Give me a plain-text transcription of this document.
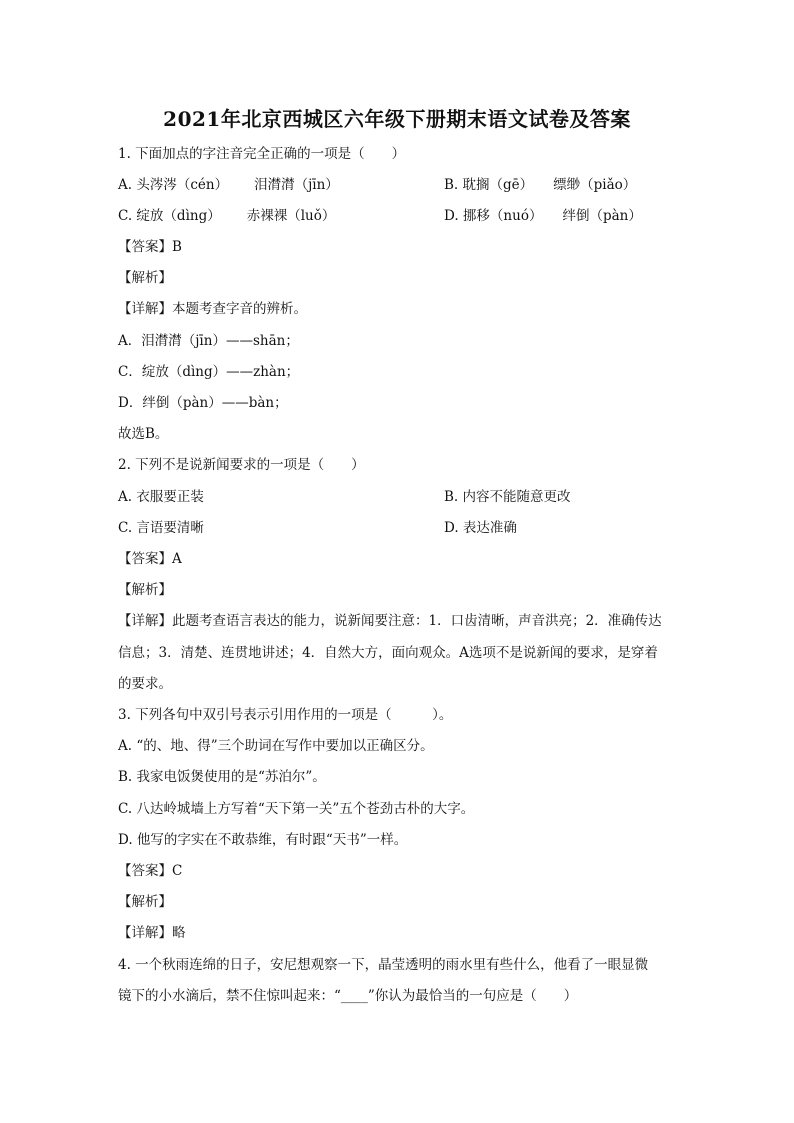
2021年北京西城区六年级下册期末语文试卷及答案
1. 下面加点的字注音完全正确的一项是（　　）
A. 头涔涔（cén） 泪潸潸（jīn）	B. 耽搁（gē） 缥缈（piǎo）
C. 绽放（dìng） 赤裸裸（luǒ）	D. 挪移（nuó） 绊倒（pàn）
【答案】B
【解析】
【详解】本题考查字音的辨析。
A．泪潸潸（jīn）——shān；
C．绽放（dìng）——zhàn；
D．绊倒（pàn）——bàn；
故选B。
2. 下列不是说新闻要求的一项是（　　）
A. 衣服要正装	B. 内容不能随意更改
C. 言语要清晰	D. 表达准确
【答案】A
【解析】
【详解】此题考查语言表达的能力，说新闻要注意：1．口齿清晰，声音洪亮；2．准确传达
信息；3．清楚、连贯地讲述；4．自然大方，面向观众。A选项不是说新闻的要求，是穿着
的要求。
3. 下列各句中双引号表示引用作用的一项是（　　　）。
A. “的、地、得”三个助词在写作中要加以正确区分。
B. 我家电饭煲使用的是“苏泊尔”。
C. 八达岭城墙上方写着“天下第一关”五个苍劲古朴的大字。
D. 他写的字实在不敢恭维，有时跟“天书”一样。
【答案】C
【解析】
【详解】略
4. 一个秋雨连绵的日子，安尼想观察一下，晶莹透明的雨水里有些什么，他看了一眼显微
镜下的小水滴后，禁不住惊叫起来：“____”你认为最恰当的一句应是（　　）
